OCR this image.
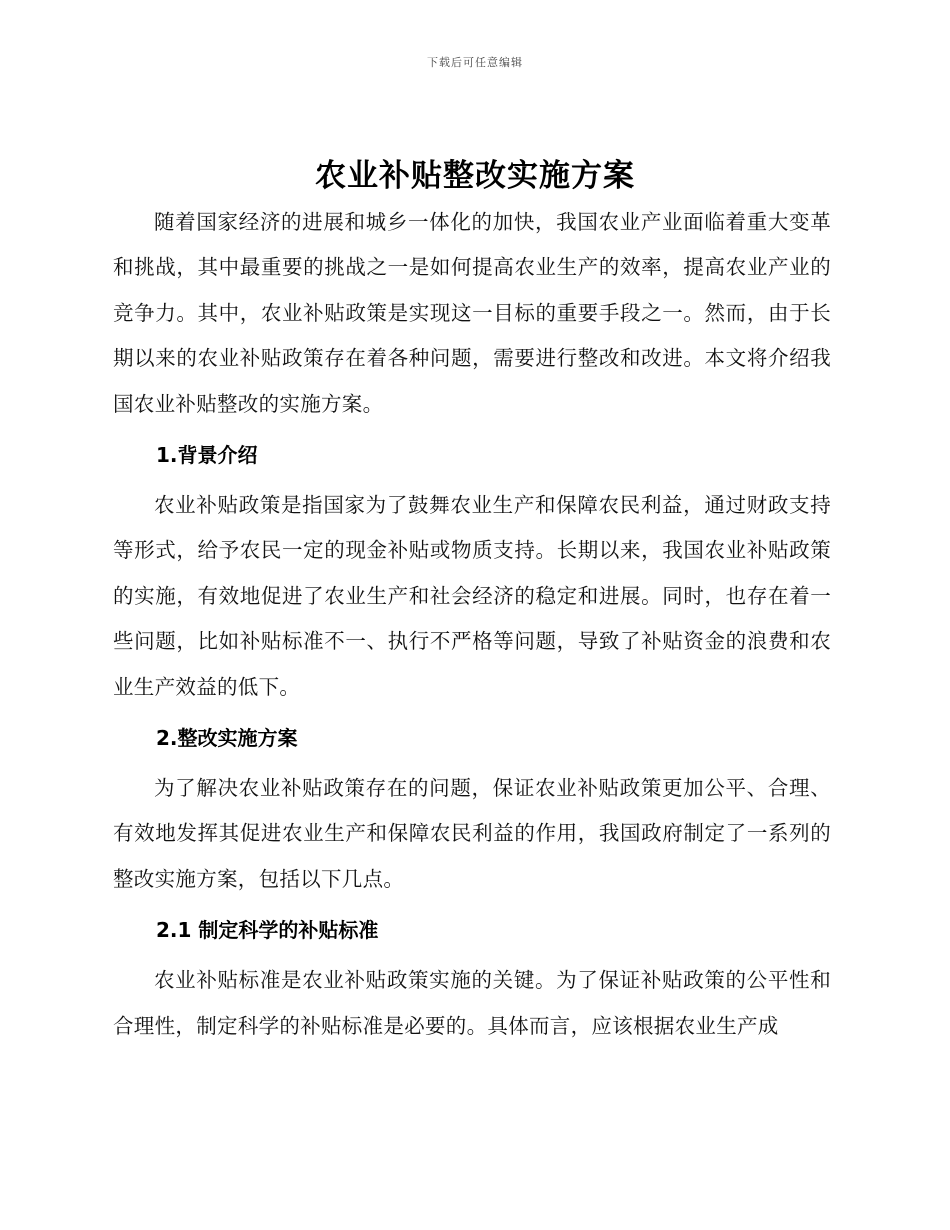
下载后可任意编辑
农业补贴整改实施方案

随着国家经济的进展和城乡一体化的加快，我国农业产业面临着重大变革和挑战，其中最重要的挑战之一是如何提高农业生产的效率，提高农业产业的竞争力。其中，农业补贴政策是实现这一目标的重要手段之一。然而，由于长期以来的农业补贴政策存在着各种问题，需要进行整改和改进。本文将介绍我国农业补贴整改的实施方案。

1.背景介绍

农业补贴政策是指国家为了鼓舞农业生产和保障农民利益，通过财政支持等形式，给予农民一定的现金补贴或物质支持。长期以来，我国农业补贴政策的实施，有效地促进了农业生产和社会经济的稳定和进展。同时，也存在着一些问题，比如补贴标准不一、执行不严格等问题，导致了补贴资金的浪费和农业生产效益的低下。

2.整改实施方案

为了解决农业补贴政策存在的问题，保证农业补贴政策更加公平、合理、有效地发挥其促进农业生产和保障农民利益的作用，我国政府制定了一系列的整改实施方案，包括以下几点。

2.1 制定科学的补贴标准

农业补贴标准是农业补贴政策实施的关键。为了保证补贴政策的公平性和合理性，制定科学的补贴标准是必要的。具体而言，应该根据农业生产成
